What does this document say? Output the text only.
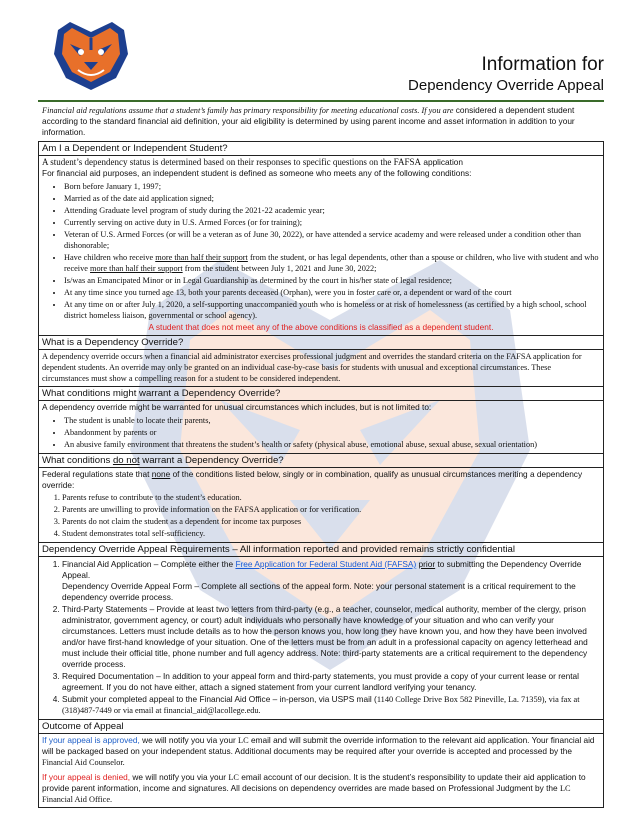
Information for
Dependency Override Appeal
Financial aid regulations assume that a student’s family has primary responsibility for meeting educational costs. If you are considered a dependent student according to the standard financial aid definition, your aid eligibility is determined by using parent income and asset information in addition to your information.
Am I a Dependent or Independent Student?
A student’s dependency status is determined based on their responses to specific questions on the FAFSA application
For financial aid purposes, an independent student is defined as someone who meets any of the following conditions:
• Born before January 1, 1997;
• Married as of the date aid application signed;
• Attending Graduate level program of study during the 2021-22 academic year;
• Currently serving on active duty in U.S. Armed Forces (or for training);
• Veteran of U.S. Armed Forces (or will be a veteran as of June 30, 2022), or have attended a service academy and were released under a condition other than dishonorable;
• Have children who receive more than half their support from the student, or has legal dependents, other than a spouse or children, who live with student and who receive more than half their support from the student between July 1, 2021 and June 30, 2022;
• Is/was an Emancipated Minor or in Legal Guardianship as determined by the court in his/her state of legal residence;
• At any time since you turned age 13, both your parents deceased (Orphan), were you in foster care or, a dependent or ward of the court
• At any time on or after July 1, 2020, a self-supporting unaccompanied youth who is homeless or at risk of homelessness (as certified by a high school, school district homeless liaison, governmental or school agency).
A student that does not meet any of the above conditions is classified as a dependent student.
What is a Dependency Override?
A dependency override occurs when a financial aid administrator exercises professional judgment and overrides the standard criteria on the FAFSA application for dependent students. An override may only be granted on an individual case-by-case basis for students with unusual and exceptional circumstances. These circumstances must show a compelling reason for a student to be considered independent.
What conditions might warrant a Dependency Override?
A dependency override might be warranted for unusual circumstances which includes, but is not limited to:
• The student is unable to locate their parents,
• Abandonment by parents or
• An abusive family environment that threatens the student’s health or safety (physical abuse, emotional abuse, sexual abuse, sexual orientation)
What conditions do not warrant a Dependency Override?
Federal regulations state that none of the conditions listed below, singly or in combination, qualify as unusual circumstances meriting a dependency override:
1. Parents refuse to contribute to the student’s education.
2. Parents are unwilling to provide information on the FAFSA application or for verification.
3. Parents do not claim the student as a dependent for income tax purposes
4. Student demonstrates total self-sufficiency.
Dependency Override Appeal Requirements – All information reported and provided remains strictly confidential
1. Financial Aid Application – Complete either the Free Application for Federal Student Aid (FAFSA) prior to submitting the Dependency Override Appeal.
Dependency Override Appeal Form – Complete all sections of the appeal form. Note: your personal statement is a critical requirement to the dependency override process.
2. Third-Party Statements – Provide at least two letters from third-party (e.g., a teacher, counselor, medical authority, member of the clergy, prison administrator, government agency, or court) adult individuals who personally have knowledge of your situation and who can verify your circumstances. Letters must include details as to how the person knows you, how long they have known you, and how they have been involved and/or have first-hand knowledge of your situation. One of the letters must be from an adult in a professional capacity on agency letterhead and must include their official title, phone number and full agency address. Note: third-party statements are a critical requirement to the dependency override process.
3. Required Documentation – In addition to your appeal form and third-party statements, you must provide a copy of your current lease or rental agreement. If you do not have either, attach a signed statement from your current landlord verifying your tenancy.
4. Submit your completed appeal to the Financial Aid Office – in-person, via USPS mail (1140 College Drive Box 582 Pineville, La. 71359), via fax at (318)487-7449 or via email at financial_aid@lacollege.edu.
Outcome of Appeal
If your appeal is approved, we will notify you via your LC email and will submit the override information to the relevant aid application. Your financial aid will be packaged based on your independent status. Additional documents may be required after your override is accepted and processed by the Financial Aid Counselor.
If your appeal is denied, we will notify you via your LC email account of our decision. It is the student’s responsibility to update their aid application to provide parent information, income and signatures. All decisions on dependency overrides are made based on Professional Judgment by the LC Financial Aid Office.
